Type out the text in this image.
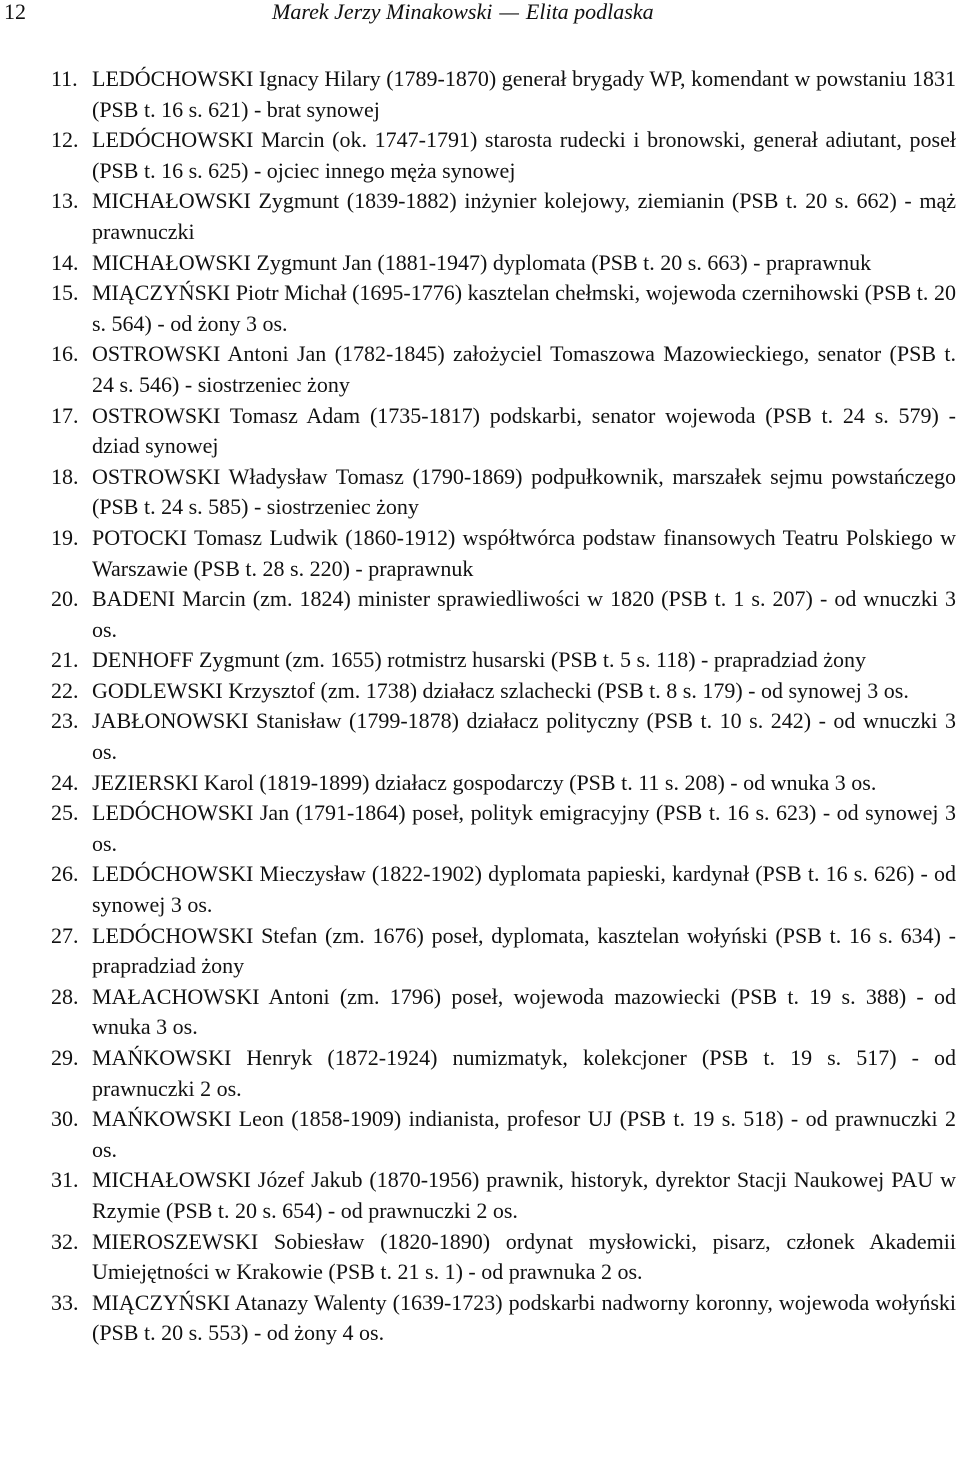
12	Marek Jerzy Minakowski — Elita podlaska
11. LEDÓCHOWSKI Ignacy Hilary (1789-1870) generał brygady WP, komendant w powstaniu 1831 (PSB t. 16 s. 621) - brat synowej
12. LEDÓCHOWSKI Marcin (ok. 1747-1791) starosta rudecki i bronowski, generał adiutant, poseł (PSB t. 16 s. 625) - ojciec innego męża synowej
13. MICHAŁOWSKI Zygmunt (1839-1882) inżynier kolejowy, ziemianin (PSB t. 20 s. 662) - mąż prawnuczki
14. MICHAŁOWSKI Zygmunt Jan (1881-1947) dyplomata (PSB t. 20 s. 663) - praprawnuk
15. MIĄCZYŃSKI Piotr Michał (1695-1776) kasztelan chełmski, wojewoda czernihowski (PSB t. 20 s. 564) - od żony 3 os.
16. OSTROWSKI Antoni Jan (1782-1845) założyciel Tomaszowa Mazowieckiego, senator (PSB t. 24 s. 546) - siostrzeniec żony
17. OSTROWSKI Tomasz Adam (1735-1817) podskarbi, senator wojewoda (PSB t. 24 s. 579) - dziad synowej
18. OSTROWSKI Władysław Tomasz (1790-1869) podpułkownik, marszałek sejmu powstańczego (PSB t. 24 s. 585) - siostrzeniec żony
19. POTOCKI Tomasz Ludwik (1860-1912) współtwórca podstaw finansowych Teatru Polskiego w Warszawie (PSB t. 28 s. 220) - praprawnuk
20. BADENI Marcin (zm. 1824) minister sprawiedliwości w 1820 (PSB t. 1 s. 207) - od wnuczki 3 os.
21. DENHOFF Zygmunt (zm. 1655) rotmistrz husarski (PSB t. 5 s. 118) - prapradziad żony
22. GODLEWSKI Krzysztof (zm. 1738) działacz szlachecki (PSB t. 8 s. 179) - od synowej 3 os.
23. JABŁONOWSKI Stanisław (1799-1878) działacz polityczny (PSB t. 10 s. 242) - od wnuczki 3 os.
24. JEZIERSKI Karol (1819-1899) działacz gospodarczy (PSB t. 11 s. 208) - od wnuka 3 os.
25. LEDÓCHOWSKI Jan (1791-1864) poseł, polityk emigracyjny (PSB t. 16 s. 623) - od synowej 3 os.
26. LEDÓCHOWSKI Mieczysław (1822-1902) dyplomata papieski, kardynał (PSB t. 16 s. 626) - od synowej 3 os.
27. LEDÓCHOWSKI Stefan (zm. 1676) poseł, dyplomata, kasztelan wołyński (PSB t. 16 s. 634) - prapradziad żony
28. MAŁACHOWSKI Antoni (zm. 1796) poseł, wojewoda mazowiecki (PSB t. 19 s. 388) - od wnuka 3 os.
29. MAŃKOWSKI Henryk (1872-1924) numizmatyk, kolekcjoner (PSB t. 19 s. 517) - od prawnuczki 2 os.
30. MAŃKOWSKI Leon (1858-1909) indianista, profesor UJ (PSB t. 19 s. 518) - od prawnuczki 2 os.
31. MICHAŁOWSKI Józef Jakub (1870-1956) prawnik, historyk, dyrektor Stacji Naukowej PAU w Rzymie (PSB t. 20 s. 654) - od prawnuczki 2 os.
32. MIEROSZEWSKI Sobiesław (1820-1890) ordynat mysłowicki, pisarz, członek Akademii Umiejętności w Krakowie (PSB t. 21 s. 1) - od prawnuka 2 os.
33. MIĄCZYŃSKI Atanazy Walenty (1639-1723) podskarbi nadworny koronny, wojewoda wołyński (PSB t. 20 s. 553) - od żony 4 os.
